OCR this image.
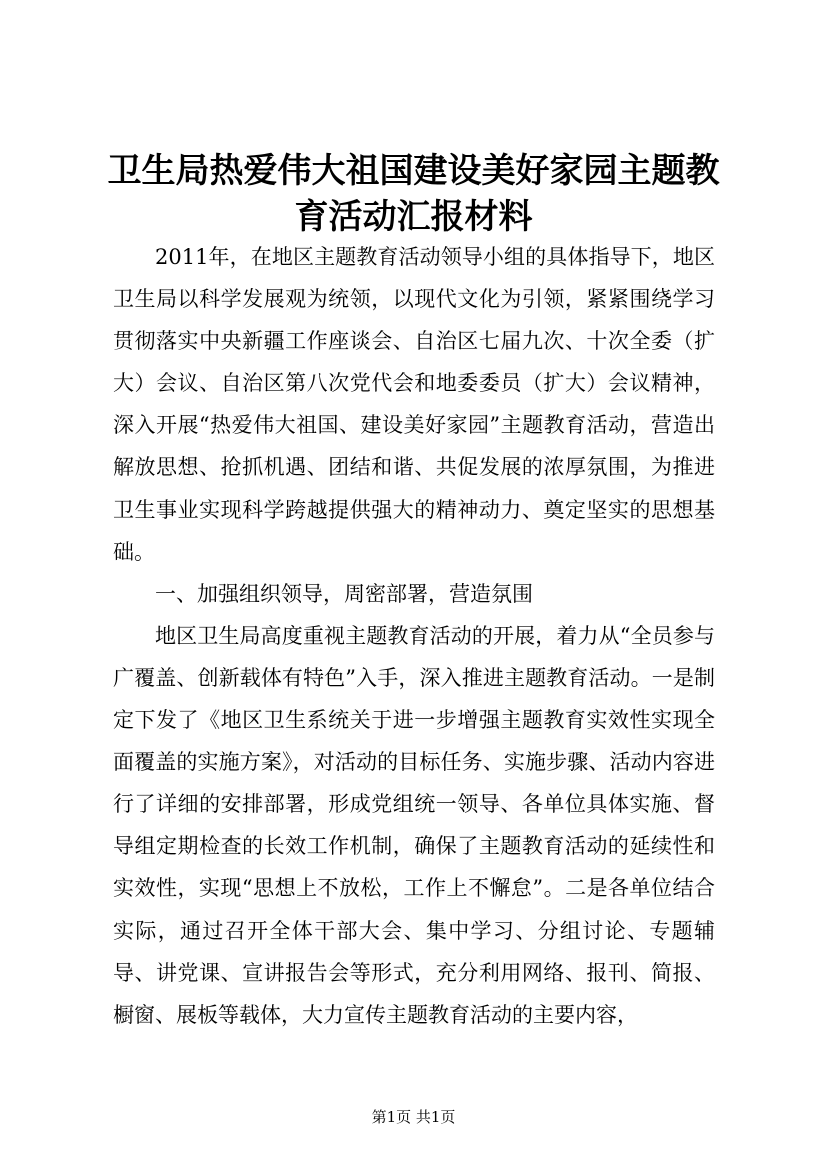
卫生局热爱伟大祖国建设美好家园主题教育活动汇报材料

2011年，在地区主题教育活动领导小组的具体指导下，地区卫生局以科学发展观为统领，以现代文化为引领，紧紧围绕学习贯彻落实中央新疆工作座谈会、自治区七届九次、十次全委（扩大）会议、自治区第八次党代会和地委委员（扩大）会议精神，深入开展“热爱伟大祖国、建设美好家园”主题教育活动，营造出解放思想、抢抓机遇、团结和谐、共促发展的浓厚氛围，为推进卫生事业实现科学跨越提供强大的精神动力、奠定坚实的思想基础。

一、加强组织领导，周密部署，营造氛围

地区卫生局高度重视主题教育活动的开展，着力从“全员参与广覆盖、创新载体有特色”入手，深入推进主题教育活动。一是制定下发了《地区卫生系统关于进一步增强主题教育实效性实现全面覆盖的实施方案》，对活动的目标任务、实施步骤、活动内容进行了详细的安排部署，形成党组统一领导、各单位具体实施、督导组定期检查的长效工作机制，确保了主题教育活动的延续性和实效性，实现“思想上不放松，工作上不懈怠”。二是各单位结合实际，通过召开全体干部大会、集中学习、分组讨论、专题辅导、讲党课、宣讲报告会等形式，充分利用网络、报刊、简报、橱窗、展板等载体，大力宣传主题教育活动的主要内容，

第1页 共1页
